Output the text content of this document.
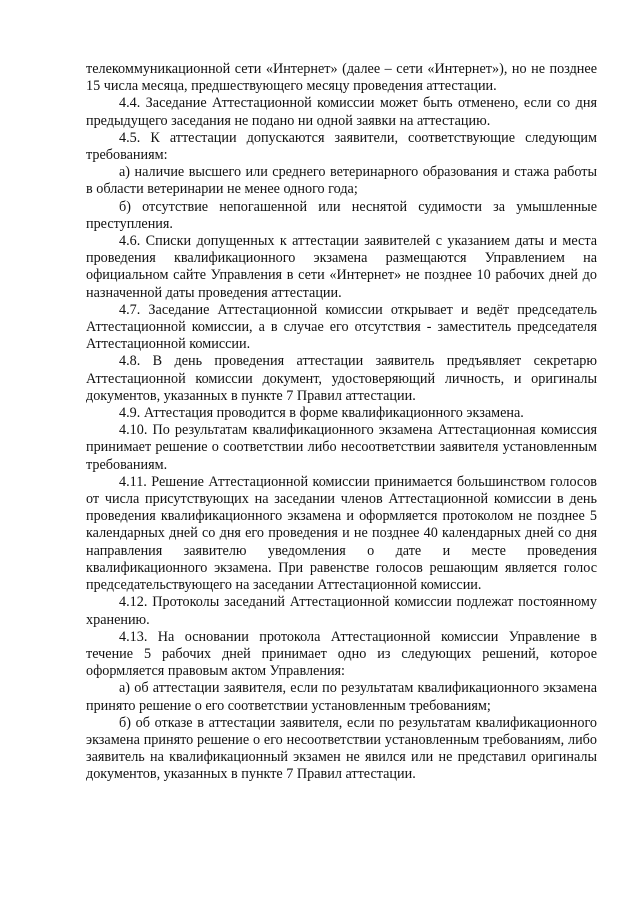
телекоммуникационной сети «Интернет» (далее – сети «Интернет»), но не позднее 15 числа месяца, предшествующего месяцу проведения аттестации.

4.4. Заседание Аттестационной комиссии может быть отменено, если со дня предыдущего заседания не подано ни одной заявки на аттестацию.

4.5. К аттестации допускаются заявители, соответствующие следующим требованиям:

а) наличие высшего или среднего ветеринарного образования и стажа работы в области ветеринарии не менее одного года;

б) отсутствие непогашенной или неснятой судимости за умышленные преступления.

4.6. Списки допущенных к аттестации заявителей с указанием даты и места проведения квалификационного экзамена размещаются Управлением на официальном сайте Управления в сети «Интернет» не позднее 10 рабочих дней до назначенной даты проведения аттестации.

4.7. Заседание Аттестационной комиссии открывает и ведёт председатель Аттестационной комиссии, а в случае его отсутствия - заместитель председателя Аттестационной комиссии.

4.8. В день проведения аттестации заявитель предъявляет секретарю Аттестационной комиссии документ, удостоверяющий личность, и оригиналы документов, указанных в пункте 7 Правил аттестации.

4.9. Аттестация проводится в форме квалификационного экзамена.

4.10. По результатам квалификационного экзамена Аттестационная комиссия принимает решение о соответствии либо несоответствии заявителя установленным требованиям.

4.11. Решение Аттестационной комиссии принимается большинством голосов от числа присутствующих на заседании членов Аттестационной комиссии в день проведения квалификационного экзамена и оформляется протоколом не позднее 5 календарных дней со дня его проведения и не позднее 40 календарных дней со дня направления заявителю уведомления о дате и месте проведения квалификационного экзамена. При равенстве голосов решающим является голос председательствующего на заседании Аттестационной комиссии.

4.12. Протоколы заседаний Аттестационной комиссии подлежат постоянному хранению.

4.13. На основании протокола Аттестационной комиссии Управление в течение 5 рабочих дней принимает одно из следующих решений, которое оформляется правовым актом Управления:

а) об аттестации заявителя, если по результатам квалификационного экзамена принято решение о его соответствии установленным требованиям;

б) об отказе в аттестации заявителя, если по результатам квалификационного экзамена принято решение о его несоответствии установленным требованиям, либо заявитель на квалификационный экзамен не явился или не представил оригиналы документов, указанных в пункте 7 Правил аттестации.
